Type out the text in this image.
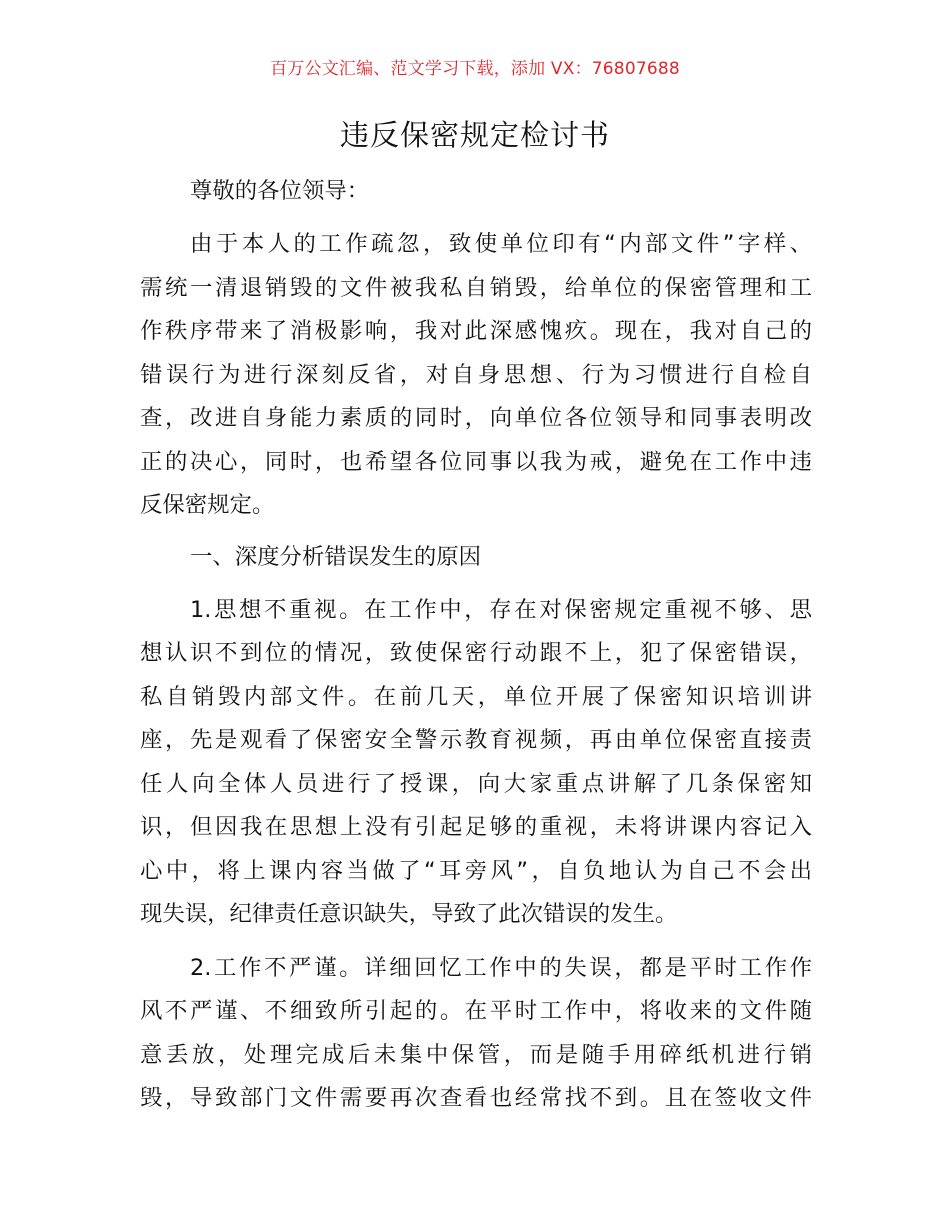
百万公文汇编、范文学习下载，添加 VX：76807688
违反保密规定检讨书
尊敬的各位领导：
由于本人的工作疏忽，致使单位印有“内部文件”字样、
需统一清退销毁的文件被我私自销毁，给单位的保密管理和工
作秩序带来了消极影响，我对此深感愧疚。现在，我对自己的
错误行为进行深刻反省，对自身思想、行为习惯进行自检自
查，改进自身能力素质的同时，向单位各位领导和同事表明改
正的决心，同时，也希望各位同事以我为戒，避免在工作中违
反保密规定。
一、深度分析错误发生的原因
1.思想不重视。在工作中，存在对保密规定重视不够、思
想认识不到位的情况，致使保密行动跟不上，犯了保密错误，
私自销毁内部文件。在前几天，单位开展了保密知识培训讲
座，先是观看了保密安全警示教育视频，再由单位保密直接责
任人向全体人员进行了授课，向大家重点讲解了几条保密知
识，但因我在思想上没有引起足够的重视，未将讲课内容记入
心中，将上课内容当做了“耳旁风”，自负地认为自己不会出
现失误，纪律责任意识缺失，导致了此次错误的发生。
2.工作不严谨。详细回忆工作中的失误，都是平时工作作
风不严谨、不细致所引起的。在平时工作中，将收来的文件随
意丢放，处理完成后未集中保管，而是随手用碎纸机进行销
毁，导致部门文件需要再次查看也经常找不到。且在签收文件
